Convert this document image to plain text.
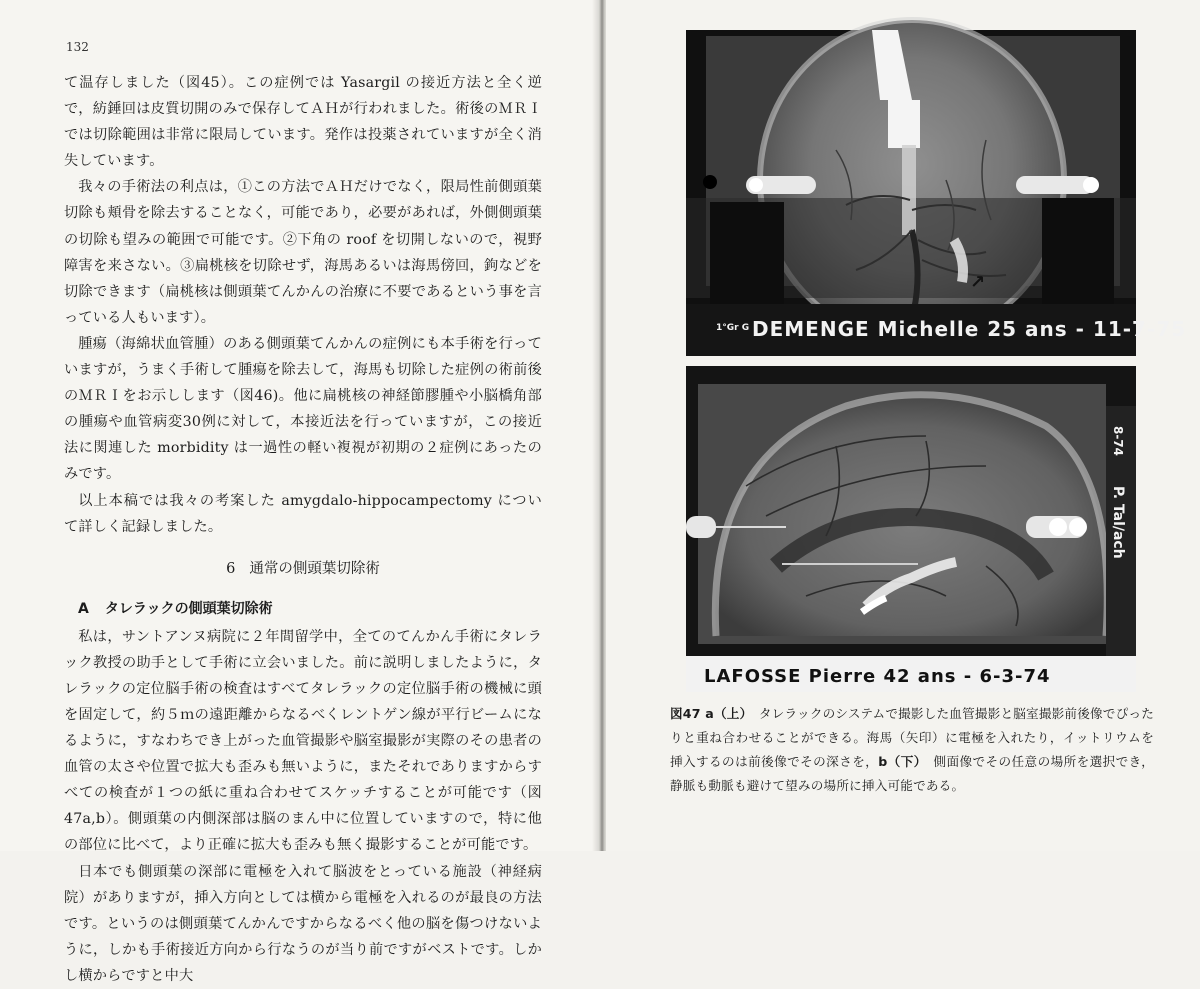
132

て温存しました（図45）。この症例では Yasargil の接近方法と全く逆で，紡錘回は皮質切開のみで保存してＡＨが行われました。術後のＭＲＩでは切除範囲は非常に限局しています。発作は投薬されていますが全く消失しています。

我々の手術法の利点は，①この方法でＡＨだけでなく，限局性前側頭葉切除も頬骨を除去することなく，可能であり，必要があれば，外側側頭葉の切除も望みの範囲で可能です。②下角の roof を切開しないので，視野障害を来さない。③扁桃核を切除せず，海馬あるいは海馬傍回，鉤などを切除できます（扁桃核は側頭葉てんかんの治療に不要であるという事を言っている人もいます）。

腫瘍（海綿状血管腫）のある側頭葉てんかんの症例にも本手術を行っていますが，うまく手術して腫瘍を除去して，海馬も切除した症例の術前後のＭＲＩをお示しします（図46)。他に扁桃核の神経節膠腫や小脳橋角部の腫瘍や血管病変30例に対して，本接近法を行っていますが，この接近法に関連した morbidity は一過性の軽い複視が初期の２症例にあったのみです。

以上本稿では我々の考案した amygdalo-hippocampectomy について詳しく記録しました。

6 通常の側頭葉切除術
A タレラックの側頭葉切除術

私は，サントアンヌ病院に２年間留学中，全てのてんかん手術にタレラック教授の助手として手術に立会いました。前に説明しましたように，タレラックの定位脳手術の検査はすべてタレラックの定位脳手術の機械に頭を固定して，約５ｍの遠距離からなるべくレントゲン線が平行ビームになるように，すなわちでき上がった血管撮影や脳室撮影が実際のその患者の血管の太さや位置で拡大も歪みも無いように，またそれでありますからすべての検査が１つの紙に重ね合わせてスケッチすることが可能です（図47a,b）。側頭葉の内側深部は脳のまん中に位置していますので，特に他の部位に比べて，より正確に拡大も歪みも無く撮影することが可能です。

日本でも側頭葉の深部に電極を入れて脳波をとっている施設（神経病院）がありますが，挿入方向としては横から電極を入れるのが最良の方法です。というのは側頭葉てんかんですからなるべく他の脳を傷つけないように，しかも手術接近方向から行なうのが当り前ですがベストです。しかし横からですと中大

↗
1°Gr G DEMENGE Michelle 25 ans - 11-7-75
8-74
P. Tal/ach
LAFOSSE Pierre 42 ans - 6-3-74

図47 a（上）　 タレラックのシステムで撮影した血管撮影と脳室撮影前後像でぴったりと重ね合わせることができる。海馬（矢印）に電極を入れたり，イットリウムを挿入するのは前後像でその深さを，b（下）　 側面像でその任意の場所を選択でき，静脈も動脈も避けて望みの場所に挿入可能である。
